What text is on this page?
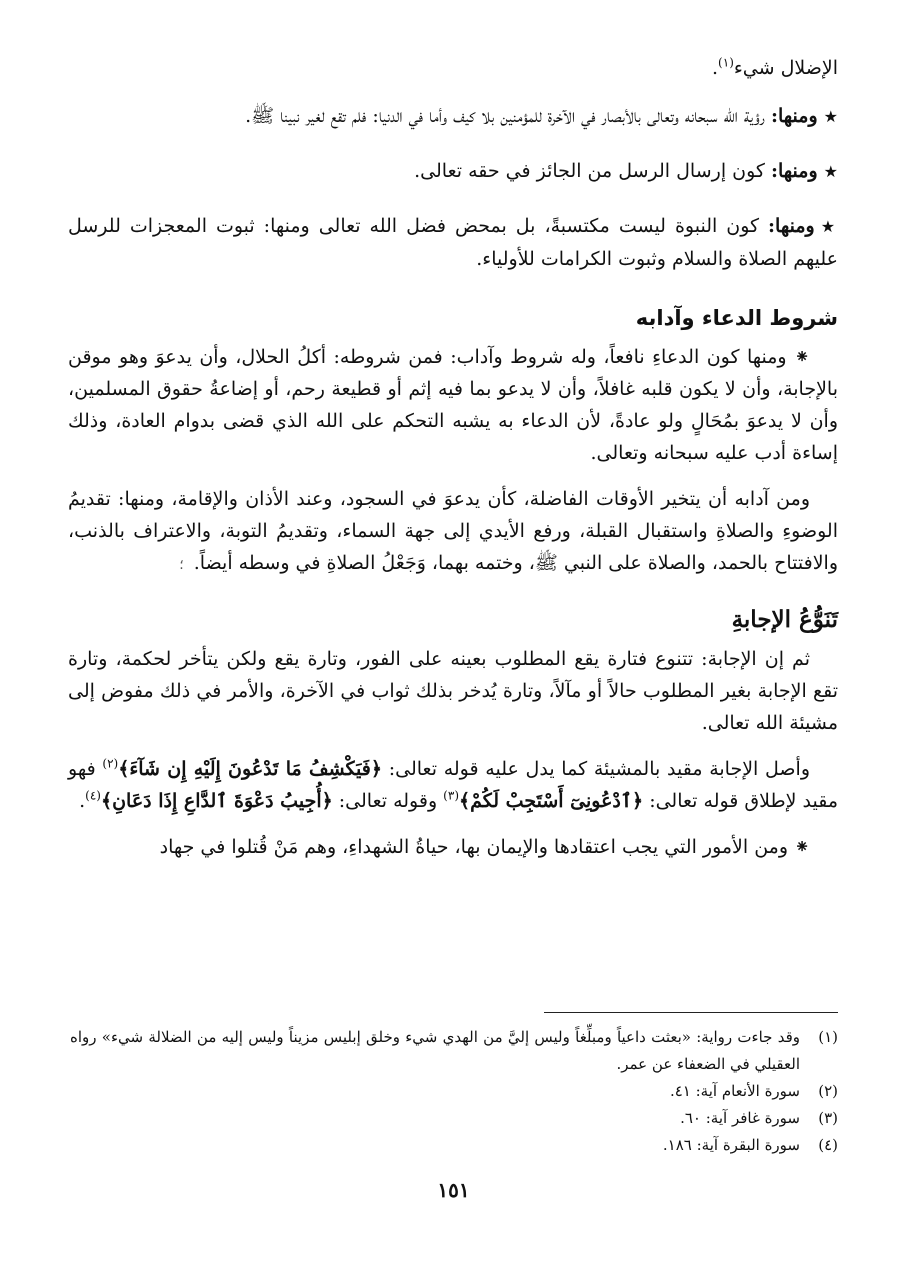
الإضلال شيء$^{(١)}$.

★ومنها: رؤية الله سبحانه وتعالى بالأبصار في الآخرة للمؤمنين بلا كيف وأما في الدنيا: فلم تقع لغير نبينا ﷺ.

★ومنها: كون إرسال الرسل من الجائز في حقه تعالى.

★ومنها: كون النبوة ليست مكتسبةً، بل بمحض فضل الله تعالى ومنها: ثبوت المعجزات للرسل عليهم الصلاة والسلام وثبوت الكرامات للأولياء.

شروط الدعاء وآدابه

⁕ ومنها كون الدعاءِ نافعاً، وله شروط وآداب: فمن شروطه: أكلُ الحلال، وأن يدعوَ وهو موقن بالإجابة، وأن لا يكون قلبه غافلاً، وأن لا يدعو بما فيه إثم أو قطيعة رحم، أو إضاعةُ حقوق المسلمين، وأن لا يدعوَ بمُحَالٍ ولو عادةً، لأن الدعاء به يشبه التحكم على الله الذي قضى بدوام العادة، وذلك إساءة أدب عليه سبحانه وتعالى.

ومن آدابه أن يتخير الأوقات الفاضلة، كأن يدعوَ في السجود، وعند الأذان والإقامة، ومنها: تقديمُ الوضوءِ والصلاةِ واستقبال القبلة، ورفع الأيدي إلى جهة السماء، وتقديمُ التوبة، والاعتراف بالذنب، والافتتاح بالحمد، والصلاة على النبي ﷺ، وختمه بهما، وَجَعْلُ الصلاةِ في وسطه أيضاً.؛

تَنَوُّعُ الإجابةِ

ثم إن الإجابة: تتنوع فتارة يقع المطلوب بعينه على الفور، وتارة يقع ولكن يتأخر لحكمة، وتارة تقع الإجابة بغير المطلوب حالاً أو مآلاً، وتارة يُدخر بذلك ثواب في الآخرة، والأمر في ذلك مفوض إلى مشيئة الله تعالى.

وأصل الإجابة مقيد بالمشيئة كما يدل عليه قوله تعالى: ﴿فَيَكْشِفُ مَا تَدْعُونَ إِلَيْهِ إِن شَآءَ﴾$^{(٢)}$ فهو مقيد لإطلاق قوله تعالى: ﴿ٱدْعُونِىٓ أَسْتَجِبْ لَكُمْ﴾$^{(٣)}$ وقوله تعالى: ﴿أُجِيبُ دَعْوَةَ ٱلدَّاعِ إِذَا دَعَانِ﴾$^{(٤)}$.

⁕ ومن الأمور التي يجب اعتقادها والإيمان بها، حياةُ الشهداءِ، وهم مَنْ قُتلوا في جهاد

(١)
وقد جاءت رواية: «بعثت داعياً ومبلِّغاً وليس إليَّ من الهدي شيء وخلق إبليس مزيناً وليس إليه من الضلالة شيء» رواه العقيلي في الضعفاء عن عمر.

(٢)
سورة الأنعام آية: ٤١.

(٣)
سورة غافر آية: ٦٠.

(٤)
سورة البقرة آية: ١٨٦.

١٥١
